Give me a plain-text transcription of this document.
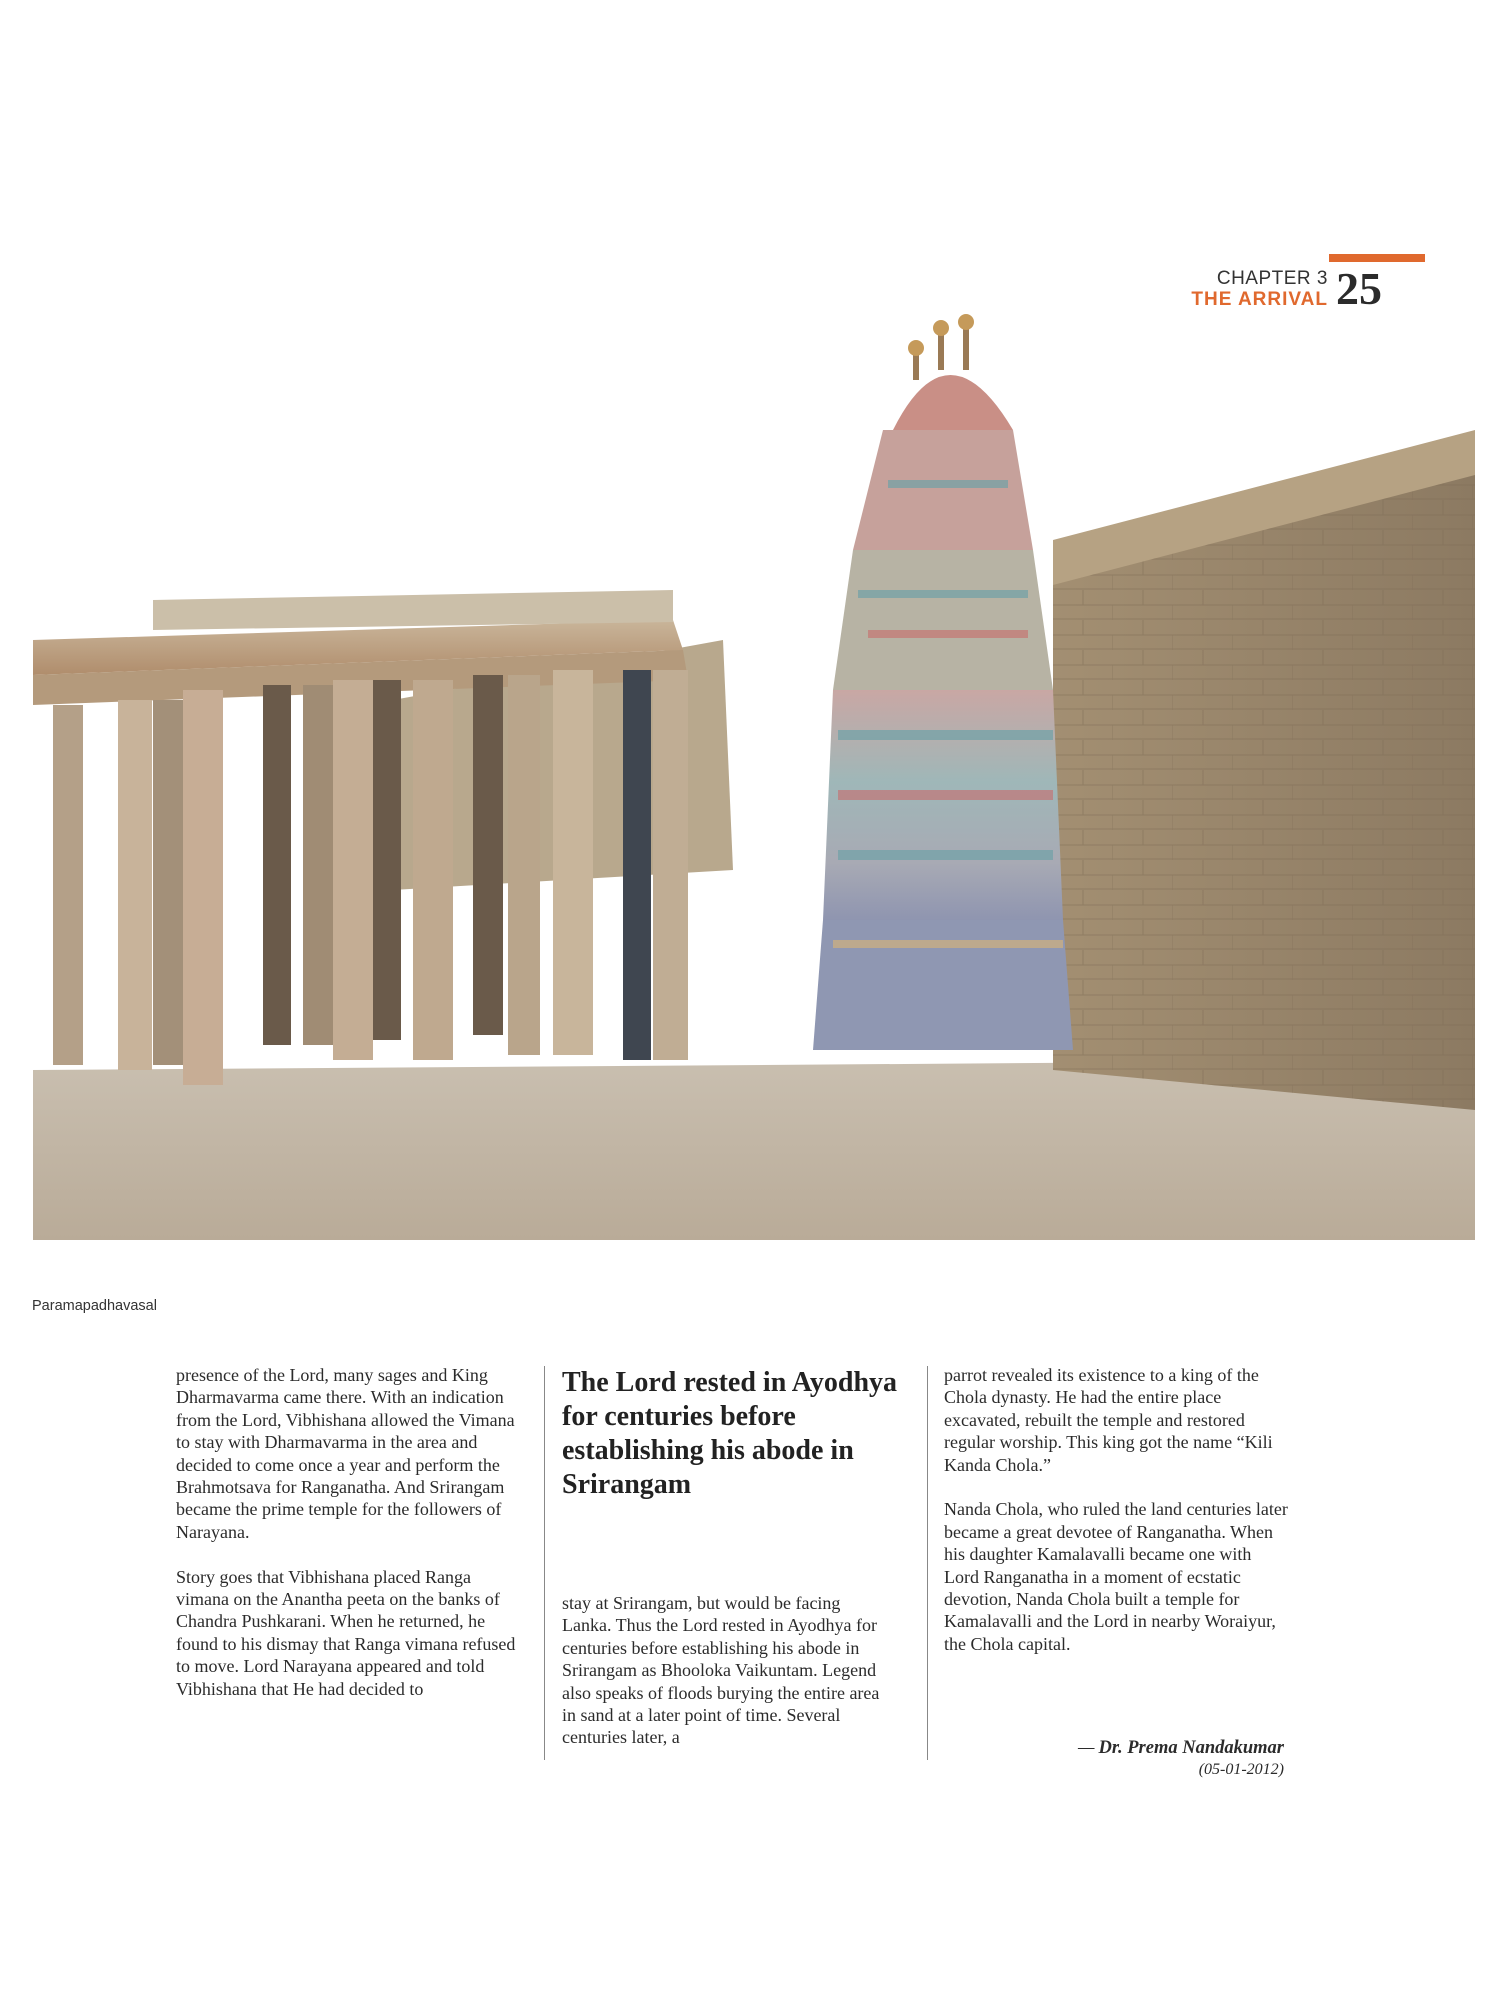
CHAPTER 3
THE ARRIVAL 25
Paramapadhavasal

presence of the Lord, many sages and King Dharmavarma came there. With an indication from the Lord, Vibhishana allowed the Vimana to stay with Dharmavarma in the area and decided to come once a year and perform the Brahmotsava for Ranganatha. And Srirangam became the prime temple for the followers of Narayana.

Story goes that Vibhishana placed Ranga vimana on the Anantha peeta on the banks of Chandra Pushkarani. When he returned, he found to his dismay that Ranga vimana refused to move. Lord Narayana appeared and told Vibhishana that He had decided to

The Lord rested in Ayodhya for centuries before establishing his abode in Srirangam

stay at Srirangam, but would be facing Lanka. Thus the Lord rested in Ayodhya for centuries before establishing his abode in Srirangam as Bhooloka Vaikuntam. Legend also speaks of floods burying the entire area in sand at a later point of time. Several centuries later, a

parrot revealed its existence to a king of the Chola dynasty. He had the entire place excavated, rebuilt the temple and restored regular worship. This king got the name “Kili Kanda Chola.”

Nanda Chola, who ruled the land centuries later became a great devotee of Ranganatha. When his daughter Kamalavalli became one with Lord Ranganatha in a moment of ecstatic devotion, Nanda Chola built a temple for Kamalavalli and the Lord in nearby Woraiyur, the Chola capital.

— Dr. Prema Nandakumar
(05-01-2012)
